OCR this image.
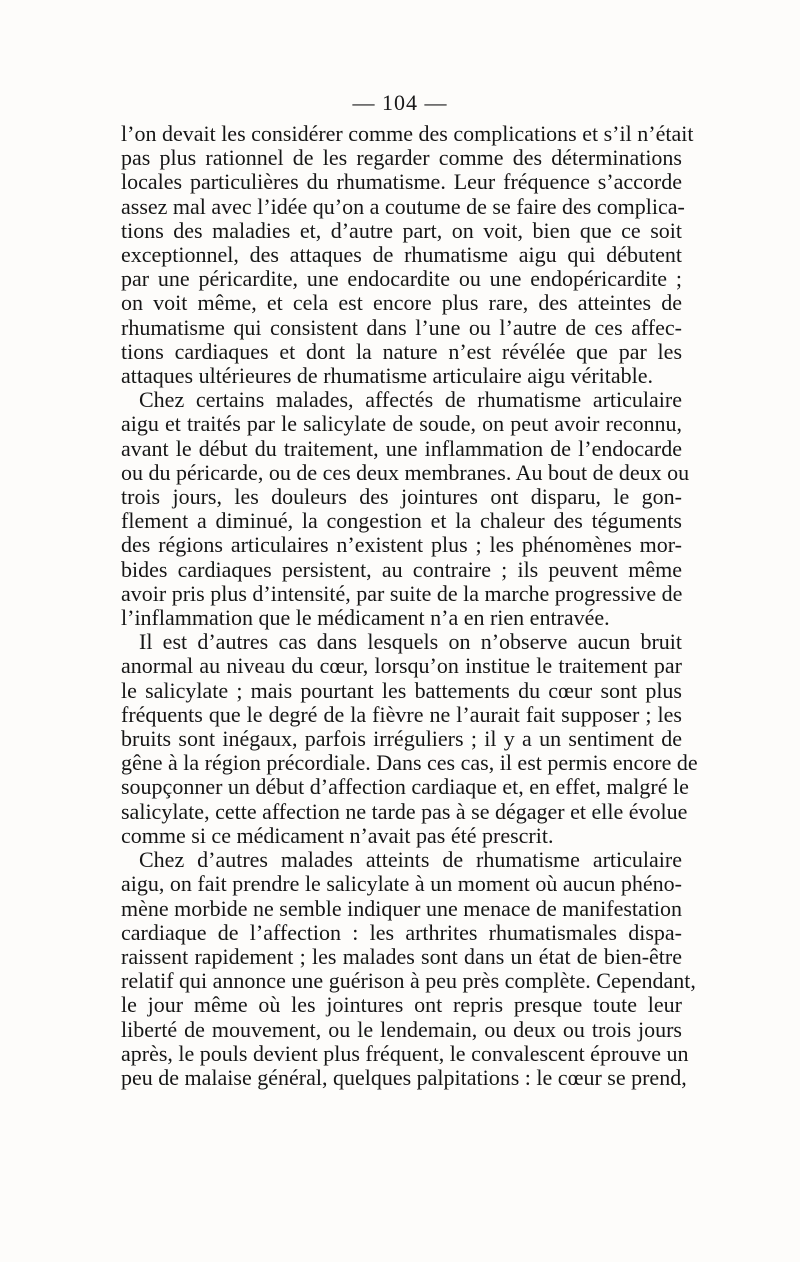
— 104 —
l’on devait les considérer comme des complications et s’il n’était
pas plus rationnel de les regarder comme des déterminations
locales particulières du rhumatisme. Leur fréquence s’accorde
assez mal avec l’idée qu’on a coutume de se faire des complica-
tions des maladies et, d’autre part, on voit, bien que ce soit
exceptionnel, des attaques de rhumatisme aigu qui débutent
par une péricardite, une endocardite ou une endopéricardite ;
on voit même, et cela est encore plus rare, des atteintes de
rhumatisme qui consistent dans l’une ou l’autre de ces affec-
tions cardiaques et dont la nature n’est révélée que par les
attaques ultérieures de rhumatisme articulaire aigu véritable.
Chez certains malades, affectés de rhumatisme articulaire
aigu et traités par le salicylate de soude, on peut avoir reconnu,
avant le début du traitement, une inflammation de l’endocarde
ou du péricarde, ou de ces deux membranes. Au bout de deux ou
trois jours, les douleurs des jointures ont disparu, le gon-
flement a diminué, la congestion et la chaleur des téguments
des régions articulaires n’existent plus ; les phénomènes mor-
bides cardiaques persistent, au contraire ; ils peuvent même
avoir pris plus d’intensité, par suite de la marche progressive de
l’inflammation que le médicament n’a en rien entravée.
Il est d’autres cas dans lesquels on n’observe aucun bruit
anormal au niveau du cœur, lorsqu’on institue le traitement par
le salicylate ; mais pourtant les battements du cœur sont plus
fréquents que le degré de la fièvre ne l’aurait fait supposer ; les
bruits sont inégaux, parfois irréguliers ; il y a un sentiment de
gêne à la région précordiale. Dans ces cas, il est permis encore de
soupçonner un début d’affection cardiaque et, en effet, malgré le
salicylate, cette affection ne tarde pas à se dégager et elle évolue
comme si ce médicament n’avait pas été prescrit.
Chez d’autres malades atteints de rhumatisme articulaire
aigu, on fait prendre le salicylate à un moment où aucun phéno-
mène morbide ne semble indiquer une menace de manifestation
cardiaque de l’affection : les arthrites rhumatismales dispa-
raissent rapidement ; les malades sont dans un état de bien-être
relatif qui annonce une guérison à peu près complète. Cependant,
le jour même où les jointures ont repris presque toute leur
liberté de mouvement, ou le lendemain, ou deux ou trois jours
après, le pouls devient plus fréquent, le convalescent éprouve un
peu de malaise général, quelques palpitations : le cœur se prend,
